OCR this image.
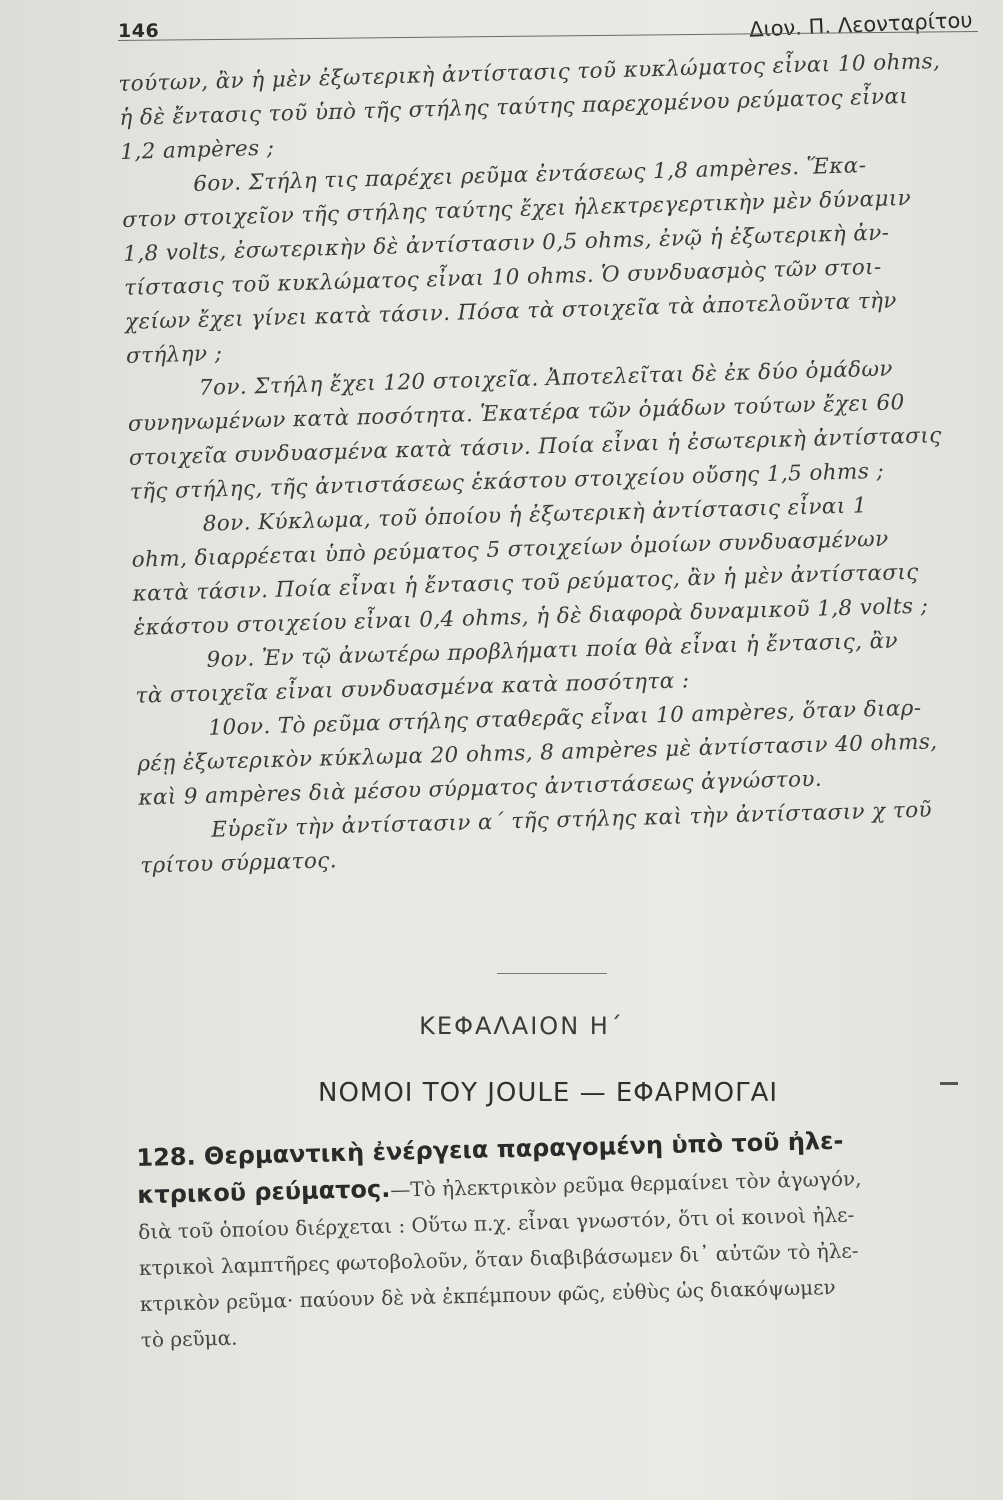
146	Διον. Π. Λεονταρίτου
τούτων, ἂν ἡ μὲν ἐξωτερικὴ ἀντίστασις τοῦ κυκλώματος εἶναι 10 ohms,
ἡ δὲ ἔντασις τοῦ ὑπὸ τῆς στήλης ταύτης παρεχομένου ρεύματος εἶναι
1,2 ampères ;
6ον. Στήλη τις παρέχει ρεῦμα ἐντάσεως 1,8 ampères. Ἕκα-
στον στοιχεῖον τῆς στήλης ταύτης ἔχει ἠλεκτρεγερτικὴν μὲν δύναμιν
1,8 volts, ἐσωτερικὴν δὲ ἀντίστασιν 0,5 ohms, ἐνῷ ἡ ἐξωτερικὴ ἀν-
τίστασις τοῦ κυκλώματος εἶναι 10 ohms. Ὁ συνδυασμὸς τῶν στοι-
χείων ἔχει γίνει κατὰ τάσιν. Πόσα τὰ στοιχεῖα τὰ ἀποτελοῦντα τὴν
στήλην ;
7ον. Στήλη ἔχει 120 στοιχεῖα. Ἀποτελεῖται δὲ ἐκ δύο ὁμάδων
συνηνωμένων κατὰ ποσότητα. Ἑκατέρα τῶν ὁμάδων τούτων ἔχει 60
στοιχεῖα συνδυασμένα κατὰ τάσιν. Ποία εἶναι ἡ ἐσωτερικὴ ἀντίστασις
τῆς στήλης, τῆς ἀντιστάσεως ἑκάστου στοιχείου οὔσης 1,5 ohms ;
8ον. Κύκλωμα, τοῦ ὁποίου ἡ ἐξωτερικὴ ἀντίστασις εἶναι 1
ohm, διαρρέεται ὑπὸ ρεύματος 5 στοιχείων ὁμοίων συνδυασμένων
κατὰ τάσιν. Ποία εἶναι ἡ ἔντασις τοῦ ρεύματος, ἂν ἡ μὲν ἀντίστασις
ἑκάστου στοιχείου εἶναι 0,4 ohms, ἡ δὲ διαφορὰ δυναμικοῦ 1,8 volts ;
9ον. Ἐν τῷ ἀνωτέρω προβλήματι ποία θὰ εἶναι ἡ ἔντασις, ἂν
τὰ στοιχεῖα εἶναι συνδυασμένα κατὰ ποσότητα :
10ον. Τὸ ρεῦμα στήλης σταθερᾶς εἶναι 10 ampères, ὅταν διαρ-
ρέῃ ἐξωτερικὸν κύκλωμα 20 ohms, 8 ampères μὲ ἀντίστασιν 40 ohms,
καὶ 9 ampères διὰ μέσου σύρματος ἀντιστάσεως ἀγνώστου.
Εὑρεῖν τὴν ἀντίστασιν α΄ τῆς στήλης καὶ τὴν ἀντίστασιν χ τοῦ
τρίτου σύρματος.
ΚΕΦΑΛΑΙΟΝ Η΄
ΝΟΜΟΙ ΤΟΥ JOULE — ΕΦΑΡΜΟΓΑΙ
128. Θερμαντικὴ ἐνέργεια παραγομένη ὑπὸ τοῦ ἠλε-
κτρικοῦ ρεύματος.—Τὸ ἠλεκτρικὸν ρεῦμα θερμαίνει τὸν ἀγωγόν,
διὰ τοῦ ὁποίου διέρχεται : Οὕτω π.χ. εἶναι γνωστόν, ὅτι οἱ κοινοὶ ἠλε-
κτρικοὶ λαμπτῆρες φωτοβολοῦν, ὅταν διαβιβάσωμεν δι᾽ αὐτῶν τὸ ἠλε-
κτρικὸν ρεῦμα· παύουν δὲ νὰ ἐκπέμπουν φῶς, εὐθὺς ὡς διακόψωμεν
τὸ ρεῦμα.
